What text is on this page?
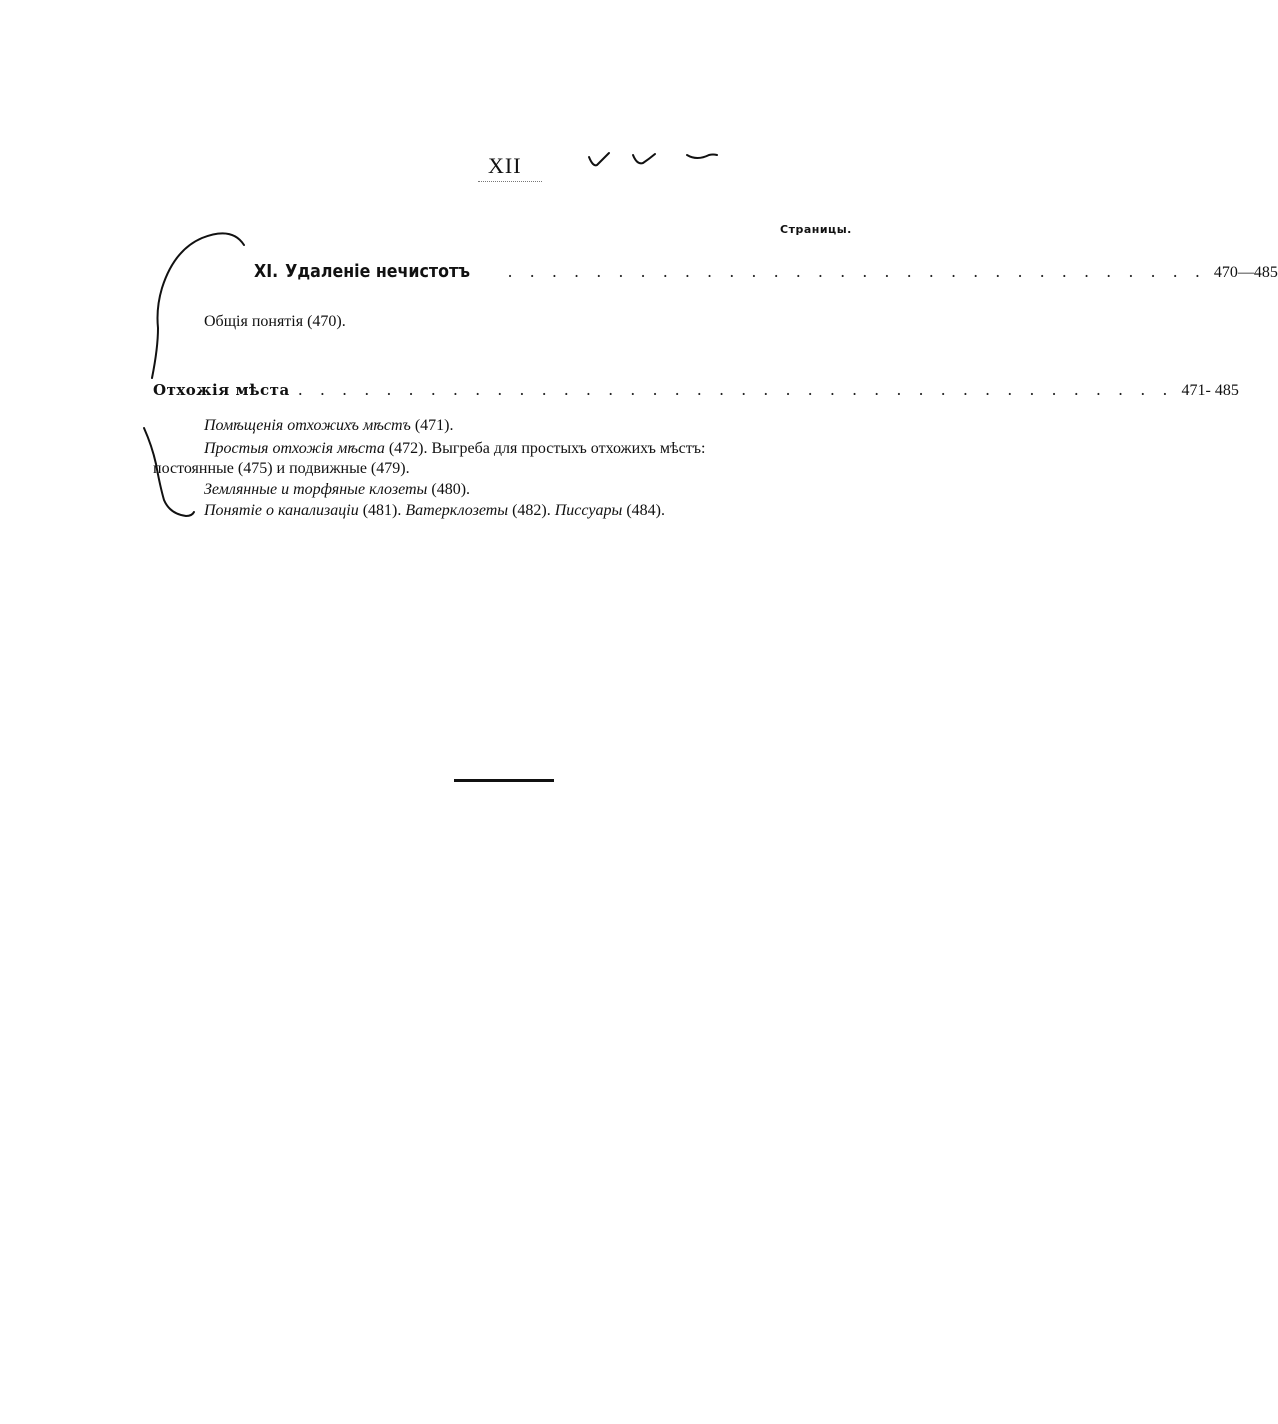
XII
Страницы.
XI. Удаленіе нечистотъ . . . . . . . . . . . . . . . . . . . . . . . . . . . . . . . . 470—485
Общія понятія (470).
Отхожія мѣста . . . . . . . . . . . . . . . . . . . . . . . . . . . . . . . . . . . . . . . . 471- 485
Помѣщенія отхожихъ мѣстъ (471).
Простыя отхожія мѣста (472). Выгреба для простыхъ отхожихъ мѣстъ:
постоянные (475) и подвижные (479).
Землянные и торфяные клозеты (480).
Понятіе о канализаціи (481). Ватерклозеты (482). Писсуары (484).
